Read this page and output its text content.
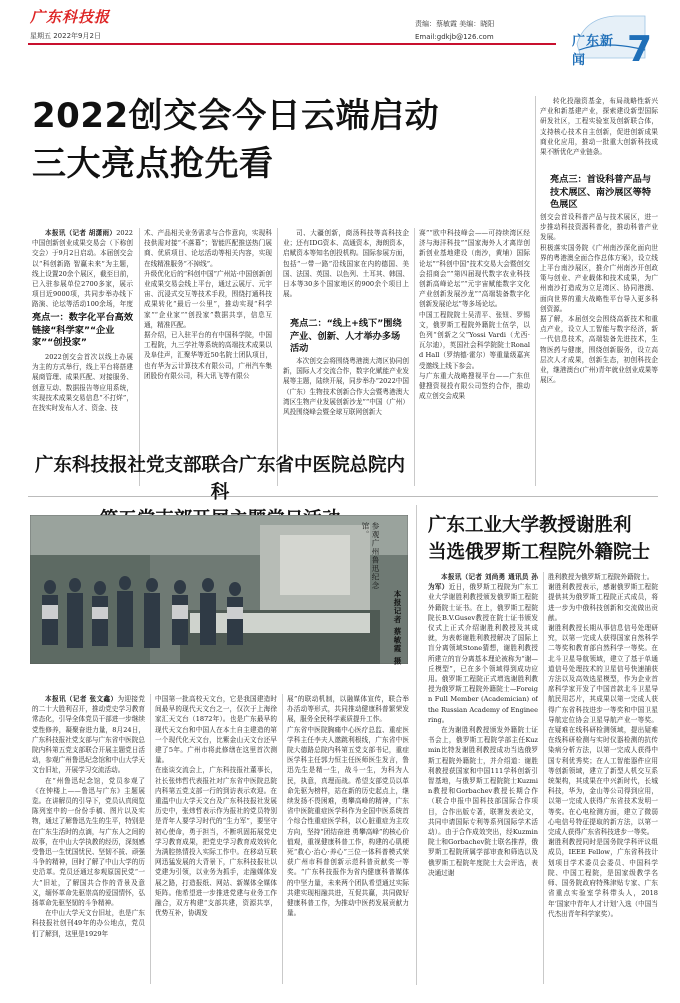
广东科技报
星期五 2022年9月2日
责编：蔡敏霞 美编：晓阳
Email:gdkjb@126.com	广东新闻	7
2022创交会今日云端启动
三大亮点抢先看

本报讯（记者 胡潇雨）2022中国创新创业成果交易会（下称创交会）于9月2日启动。本届创交会以“科创新路 智赢未来”为主题，线上设置20余个展区，截至目前，已入驻参展单位2700多家，展示项目近9000项，共同步举办线下路演、论坛等活动100余场，年度

亮点一：数字化平台高效链接“科学家”“企业家”“创投家”

2022创交会首次以线上办展为主的方式举行，线上平台将搭建展商管理、成果匹配、对接服务、创意互动、数据报告等应用系统，实现技术成果交易信息“不打烊”，在找实时发布人才、资金、技

术、产品相关业务需求与合作意向，实现科技供需对接“不落幕”；智能匹配推送热门展商、优质项目、论坛活动等相关内容，实现在线精准服务“不掉线”。
升级优化后的“科创中国”广州站·中国创新创业成果交易会线上平台，通过云展厅、元宇宙、沉浸式交互等技术手段，围绕打通科技成果转化“最后一公里”，推动实现“科学家”“企业家”“创投家”数据共享，信息互通，精准匹配。
据介绍，已入驻平台的有中国科学院，中国工程院，九三学社等系统的高端技术成果以及阜佳声，汇聚华等近50名院士团队项目，也有华为云计算技术有限公司，广州汽车集团股份有限公司，科大讯飞等有限公

司、大疆创新，商汤科技等高科技企业；还有IDG资本、高通资本，海朗资本，启赋资本等知名创投机构。国际参展方面，包括“一带一路”沿线国家在内的德国、美国、法国、英国、以色列、土耳其、韩国、日本等30多个国家地区的900余个项目上展。

亮点二：“线上+线下”围绕产业、创新、人才举办多场活动

本次创交会将围绕粤港澳大湾区协同创新，国际人才交流合作，数字化赋能产业发展等主题，陆续开展，同步举办“2022中国（广东）生物技术创新合作大会暨粤港澳大湾区生物产业发展创新沙龙”“中国（广州）风投围绕峰会暨全球互联网创新大

赛”“欧中科技峰会——可持续湾区经济与海洋科技”“国家海外人才离岸创新创业基地建设（南沙，黄埔）国际论坛”“科创中国”技术交易大会暨创交会招商会”“第四届现代数字农业科技创新高峰论坛”“元宇宙赋能数字文化产业创新发展沙龙”“高端装备数字化创新发展论坛”等多场论坛。
中国工程院院士吴清平、张钮、罗锡文，俄罗斯工程院外籍院士伍学，以色列“创新之父”Yossi Vardi（尤西·瓦尔迪），英国社会科学院院士Ronald Hall（罗纳德·霍尔）等重量级嘉宾受邀线上线下参会。
与广东重大战略搜视平台——广东但健搜资视投有限公司签约合作，推动成立创交会成果

转化投融资基金，布局战略性新兴产业和新基建产业，探索建设新型国际研发社区，工程实验室及创新联合体，支持核心技术自主创新，促进创新成果商业化应用，推动一批重大创新科技成果不断优化产业链条。

亮点三：首设科普产品与技术展区、南沙展区等特色展区
创交会首设科普产品与技术展区，进一步推动科技资源科普化，推动科普产业发展。
积极落实国务院《广州南沙深化面向世界的粤港澳全面合作总体方案》，设立线上平台南沙展区，推介广州南沙开创政策与创业、产业载体和技术成果，为广州南沙打造成为立足湾区、协同港澳、面向世界的重大战略性平台导入更多科创资源。
据了解，本届创交会围绕高新技术和重点产业，设立人工智能与数字经济，新一代信息技术，高端装备先进技术，生物医药与健康，围绕创新服务，设立高层次人才成果，创新生态，初创科技企业，继港澳台(广州)青年就业创业成果等展区。
广东科技报社党支部联合广东省中医院总院内科
参观广州鲁迅纪念馆。
本报记者 蔡敏霞 摄

本报讯（记者 张文鑫）为迎接党的二十大胜利召开，推动党史学习教育常态化，引导全体党员干部进一步继续党性修养，凝聚奋进力量，8月24日，广东科技报社党支部与广东省中医院总院内科第五党支部联合开展主题党日活动，参观广州鲁迅纪念馆和中山大学天文台旧址，开展学习交流活动。

在“州鲁迅纪念馆，党员参观了《在钟楼上——鲁迅与广东》主题展览。在讲解员的引导下，党员认真阅览陈列室中的一份份手稿、图片以及实物，通过了解鲁迅先生的生平，特别是在广东生活时的点滴，与广东人之间的故事，在中山大学执教的经历，深刻感受鲁迅一生忧国忧民、坚韧不拔、顽强斗争的精神，回时了解了中山大学的历史沿革。党员还通过参观原国民党“一大”旧址，了解国共合作的背景及意义，缅怀革命先驱崇高的爱国情怀，弘扬革命先驱坚韧的斗争精神。

在中山大学天文台旧址，也是广东科技报社创刊49年的办公地点，党员们了解到，这里是1929年

中国第一批高校天文台，它是我国建造时间最早的现代天文台之一，仅次于上海徐家汇天文台（1872年）。也是广东最早的现代天文台和中国人在本土自主建造的第一个现代化天文台，比紫金山天文台还早建了5年。广州市将此修缮在这里首次测量。
在座谈交流会上，广东科技报社董事长，社长张炜哲代表报社对广东省中医院总院内科第五党支部一行的到访表示欢迎。在重温中山大学天文台及广东科技报社发展历史中，张炜哲表示作为报社的党员特别是青年人要学习时代的“生力军”，要坚守初心使命，勇于担当，不断巩固拓展党史学习教育成果，把党史学习教育成效转化为满腔热情投入实际工作中。在移动互联网迅猛发展的大背景下，广东科技报社以党建为引领，以业务为抓手，走融媒体发展之路，打造报纸、网站、新媒体全媒体矩阵。他希望进一步推进党建与业务工作融合，双方构建“支部共建，资源共享，优势互补，协调发
展”的联动机制，以融媒体宣传，联合举办活动等形式，共同推动健康科普繁荣发展，服务全民科学素质提升工作。
广东省中医院胸痛中心医疗总监、重症医学科主任李夫人邀跳利根线，广东省中医院大德路总院内科第五党支部书记，重症医学科主任郭力恒主任医师医生发言，鲁迅先生是精一生，战斗一生，为科为人民，执意，真理而战。希望支部党员以革命先驱为榜样，站在新的历史起点上，继续发扬不畏困难，勇攀高峰的精神，广东省中医院重症医学科作为全国中医系统首个综合性重症医学科，以心脏重症为主攻方向，坚持“团结奋进 勇攀高峰”的核心价值观，重视健康科普工作，构建的心肌梗死“救心·治心·养心”三位一体科普模式荣获广州市科普创新示范科普贡献奖一等奖。“广东科技报作为省内健康科普媒体的中坚力量，未来两个团队希望通过实际共建实现相融共进，互促共赢，共同做好健康科普工作，为推动中医药发展贡献力量。
广东工业大学教授谢胜利
当选俄罗斯工程院外籍院士

本报讯（记者 刘尚勇 通讯员 孙为军）近日，俄罗斯工程院为广东工业大学谢胜利教授颁发俄罗斯工程院外籍院士证书。在上，俄罗斯工程院院长B.V.Gusev教授在院士证书颁发仪式上正式介绍谢胜利教授及其成就，为表彰谢胜利教授解决了国际上盲分离领域Stone猜想，谢胜利教授所建立的盲分离基本理论被称为“谢—丘模型”，已在多个领域得到成功应用。俄罗斯工程院正式增选谢胜利教授为俄罗斯工程院外籍院士—Foreign Full Member (Academician) of the Russian Academy of Engineering。

在为谢胜利教授颁发外籍院士证书会上，俄罗斯工程院学部主任Kuzmin比特发谢胜利教授成功当选俄罗斯工程院外籍院士，并介绍道：谢胜利教授获国家和中国111学科创新引智基地，与俄罗斯工程院院士Kuzmin教授和Gorbachev教授长期合作（联合申报中国科技部国际合作项目，合作出版专著，联署发表论文，共同申请国际专利等系列国际学术活动）。由于合作成效突出，经Kuzmin院士和Gorbachev院士联名推荐，俄罗斯工程院所属学部审查和筛选以及俄罗斯工程院年度院士大会评选，表决通过谢

胜利教授为俄罗斯工程院外籍院士。
谢胜利教授表示，感谢俄罗斯工程院提供其为俄罗斯工程院正式成员，将进一步为中俄科技创新和交流做出贡献。
谢胜利教授长期从事信息信号处理研究，以第一完成人获得国家自然科学二等奖和教育部自然科学一等奖。在北斗卫星导航领域，建立了基于单通道信号处理技术的卫星信号快速捕获方法以及高效选星模型，作为企业首席科学家开发了中国首款北斗卫星导航民用芯片，其成果以第一完成人获得广东省科技进步一等奖和中国卫星导航定位协会卫星导航产业一等奖。在疑难在线科研检测领域，提出疑难在线科研检测与实时仪器检测的抗传染病分析方法，以第一完成人获得中国专利优秀奖；在人工智能器件应用等创新领域，建立了新型人机交互系统架构，其成果在中兴新时代，长城科技，华为，金山等公司得到应用，以第一完成人获得广东省技术发明一等奖。在心电检测方面，建立了微弱心电信号特征提取的新方法，以第一完成人获得广东省科技进步一等奖。
谢胜利教授同时是国务院学科评议组成员，IEEE Fellow，广东省科技计划项目学术委员会委员、中国科学院、中国工程院，是国家级教学名师、国务院政府特殊津贴专家、广东省重点实验室学科带头人，2018年‘国家中青年人才计划’入选（中国当代杰出青年科学家奖）。
